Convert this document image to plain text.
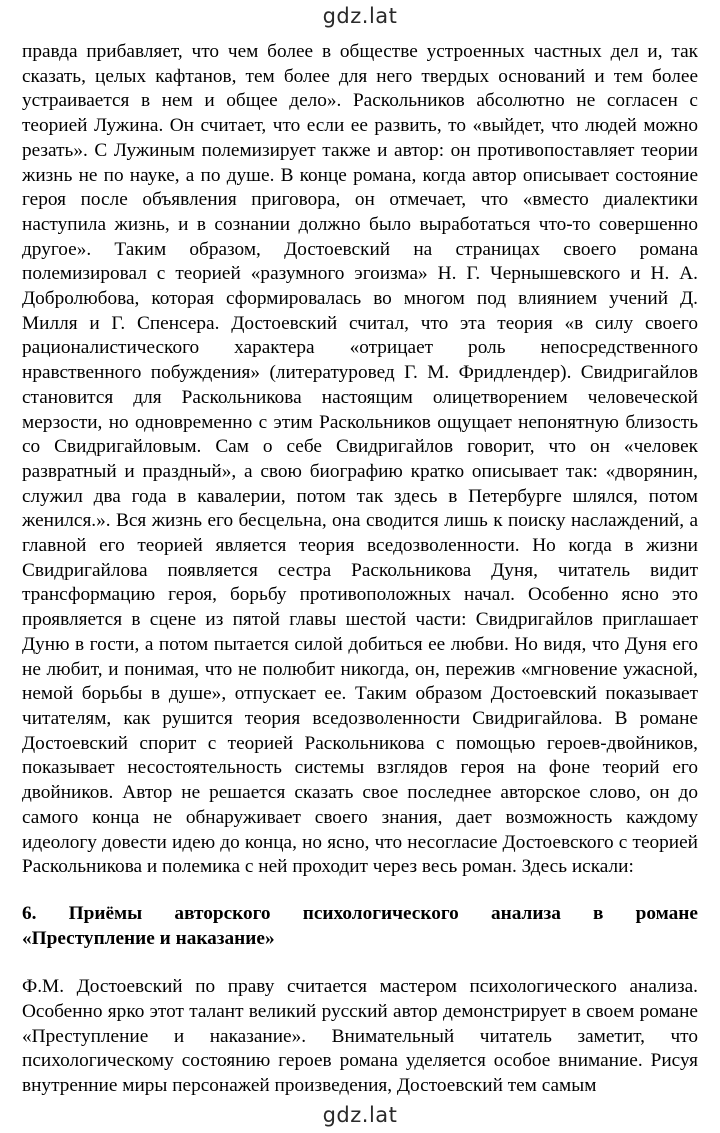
gdz.lat

правда прибавляет, что чем более в обществе устроенных частных дел и, так сказать, целых кафтанов, тем более для него твердых оснований и тем более устраивается в нем и общее дело». Раскольников абсолютно не согласен с теорией Лужина. Он считает, что если ее развить, то «выйдет, что людей можно резать». С Лужиным полемизирует также и автор: он противопоставляет теории жизнь не по науке, а по душе. В конце романа, когда автор описывает состояние героя после объявления приговора, он отмечает, что «вместо диалектики наступила жизнь, и в сознании должно было выработаться что-то совершенно другое». Таким образом, Достоевский на страницах своего романа полемизировал с теорией «разумного эгоизма» Н. Г. Чернышевского и Н. А. Добролюбова, которая сформировалась во многом под влиянием учений Д. Милля и Г. Спенсера. Достоевский считал, что эта теория «в силу своего рационалистического характера «отрицает роль непосредственного нравственного побуждения» (литературовед Г. М. Фридлендер). Свидригайлов становится для Раскольникова настоящим олицетворением человеческой мерзости, но одновременно с этим Раскольников ощущает непонятную близость со Свидригайловым. Сам о себе Свидригайлов говорит, что он «человек развратный и праздный», а свою биографию кратко описывает так: «дворянин, служил два года в кавалерии, потом так здесь в Петербурге шлялся, потом женился.». Вся жизнь его бесцельна, она сводится лишь к поиску наслаждений, а главной его теорией является теория вседозволенности. Но когда в жизни Свидригайлова появляется сестра Раскольникова Дуня, читатель видит трансформацию героя, борьбу противоположных начал. Особенно ясно это проявляется в сцене из пятой главы шестой части: Свидригайлов приглашает Дуню в гости, а потом пытается силой добиться ее любви. Но видя, что Дуня его не любит, и понимая, что не полюбит никогда, он, пережив «мгновение ужасной, немой борьбы в душе», отпускает ее. Таким образом Достоевский показывает читателям, как рушится теория вседозволенности Свидригайлова. В романе Достоевский спорит с теорией Раскольникова с помощью героев-двойников, показывает несостоятельность системы взглядов героя на фоне теорий его двойников. Автор не решается сказать свое последнее авторское слово, он до самого конца не обнаруживает своего знания, дает возможность каждому идеологу довести идею до конца, но ясно, что несогласие Достоевского с теорией Раскольникова и полемика с ней проходит через весь роман. Здесь искали:

6. Приёмы авторского психологического анализа в романе
«Преступление и наказание»

Ф.М. Достоевский по праву считается мастером психологического анализа. Особенно ярко этот талант великий русский автор демонстрирует в своем романе «Преступление и наказание». Внимательный читатель заметит, что психологическому состоянию героев романа уделяется особое внимание. Рисуя внутренние миры персонажей произведения, Достоевский тем самым

gdz.lat
